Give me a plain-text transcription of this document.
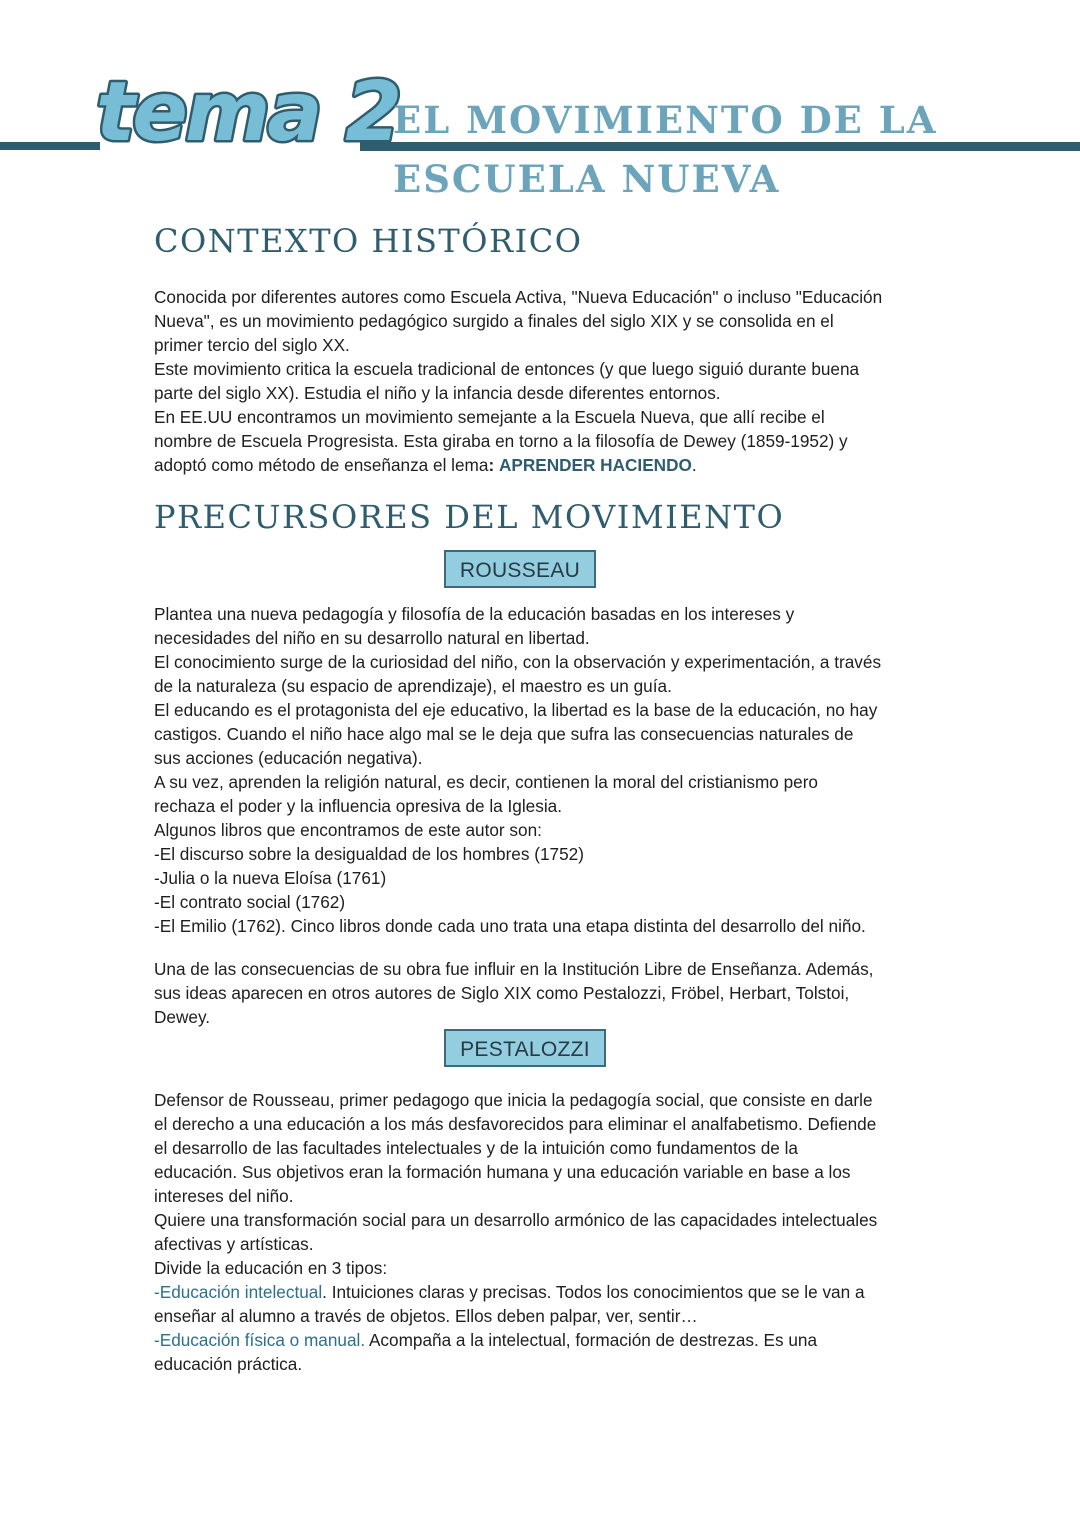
tema 2
EL MOVIMIENTO DE LA
ESCUELA NUEVA
CONTEXTO HISTÓRICO

Conocida por diferentes autores como Escuela Activa, "Nueva Educación" o incluso "Educación

Nueva", es un movimiento pedagógico surgido a finales del siglo XIX y se consolida en el

primer tercio del siglo XX.

Este movimiento critica la escuela tradicional de entonces (y que luego siguió durante buena

parte del siglo XX). Estudia el niño y la infancia desde diferentes entornos.

En EE.UU encontramos un movimiento semejante a la Escuela Nueva, que allí recibe el

nombre de Escuela Progresista. Esta giraba en torno a la filosofía de Dewey (1859-1952) y

adoptó como método de enseñanza el lema: APRENDER HACIENDO.

PRECURSORES DEL MOVIMIENTO
ROUSSEAU

Plantea una nueva pedagogía y filosofía de la educación basadas en los intereses y

necesidades del niño en su desarrollo natural en libertad.

El conocimiento surge de la curiosidad del niño, con la observación y experimentación, a través

de la naturaleza (su espacio de aprendizaje), el maestro es un guía.

El educando es el protagonista del eje educativo, la libertad es la base de la educación, no hay

castigos. Cuando el niño hace algo mal se le deja que sufra las consecuencias naturales de

sus acciones (educación negativa).

A su vez, aprenden la religión natural, es decir, contienen la moral del cristianismo pero

rechaza el poder y la influencia opresiva de la Iglesia.

Algunos libros que encontramos de este autor son:

-El discurso sobre la desigualdad de los hombres (1752)

-Julia o la nueva Eloísa (1761)

-El contrato social (1762)

-El Emilio (1762). Cinco libros donde cada uno trata una etapa distinta del desarrollo del niño.

Una de las consecuencias de su obra fue influir en la Institución Libre de Enseñanza. Además,

sus ideas aparecen en otros autores de Siglo XIX como Pestalozzi, Fröbel, Herbart, Tolstoi,

Dewey.

PESTALOZZI

Defensor de Rousseau, primer pedagogo que inicia la pedagogía social, que consiste en darle

el derecho a una educación a los más desfavorecidos para eliminar el analfabetismo. Defiende

el desarrollo de las facultades intelectuales y de la intuición como fundamentos de la

educación. Sus objetivos eran la formación humana y una educación variable en base a los

intereses del niño.

Quiere una transformación social para un desarrollo armónico de las capacidades intelectuales

afectivas y artísticas.

Divide la educación en 3 tipos:

-Educación intelectual. Intuiciones claras y precisas. Todos los conocimientos que se le van a

enseñar al alumno a través de objetos. Ellos deben palpar, ver, sentir…

-Educación física o manual. Acompaña a la intelectual, formación de destrezas. Es una

educación práctica.
